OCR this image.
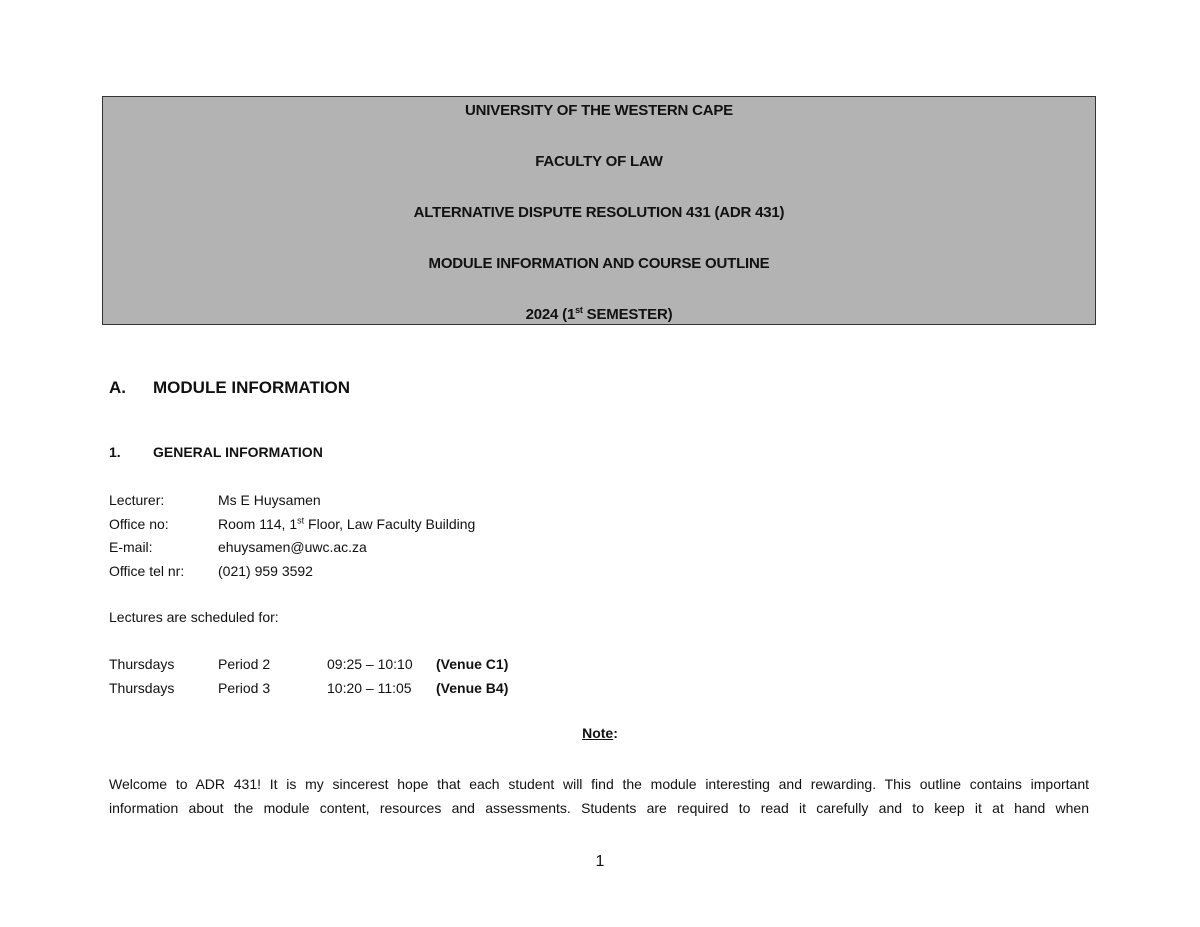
UNIVERSITY OF THE WESTERN CAPE
FACULTY OF LAW
ALTERNATIVE DISPUTE RESOLUTION 431 (ADR 431)
MODULE INFORMATION AND COURSE OUTLINE
2024 (1st SEMESTER)
A. MODULE INFORMATION
1. GENERAL INFORMATION
Lecturer:	Ms E Huysamen
Office no:	Room 114, 1st Floor, Law Faculty Building
E-mail:	ehuysamen@uwc.ac.za
Office tel nr: (021) 959 3592
Lectures are scheduled for:
Thursdays	Period 2	09:25 – 10:10 (Venue C1)
Thursdays	Period 3	10:20 – 11:05 (Venue B4)
Note:
Welcome to ADR 431! It is my sincerest hope that each student will find the module interesting and rewarding. This outline contains important
information about the module content, resources and assessments. Students are required to read it carefully and to keep it at hand when
1
